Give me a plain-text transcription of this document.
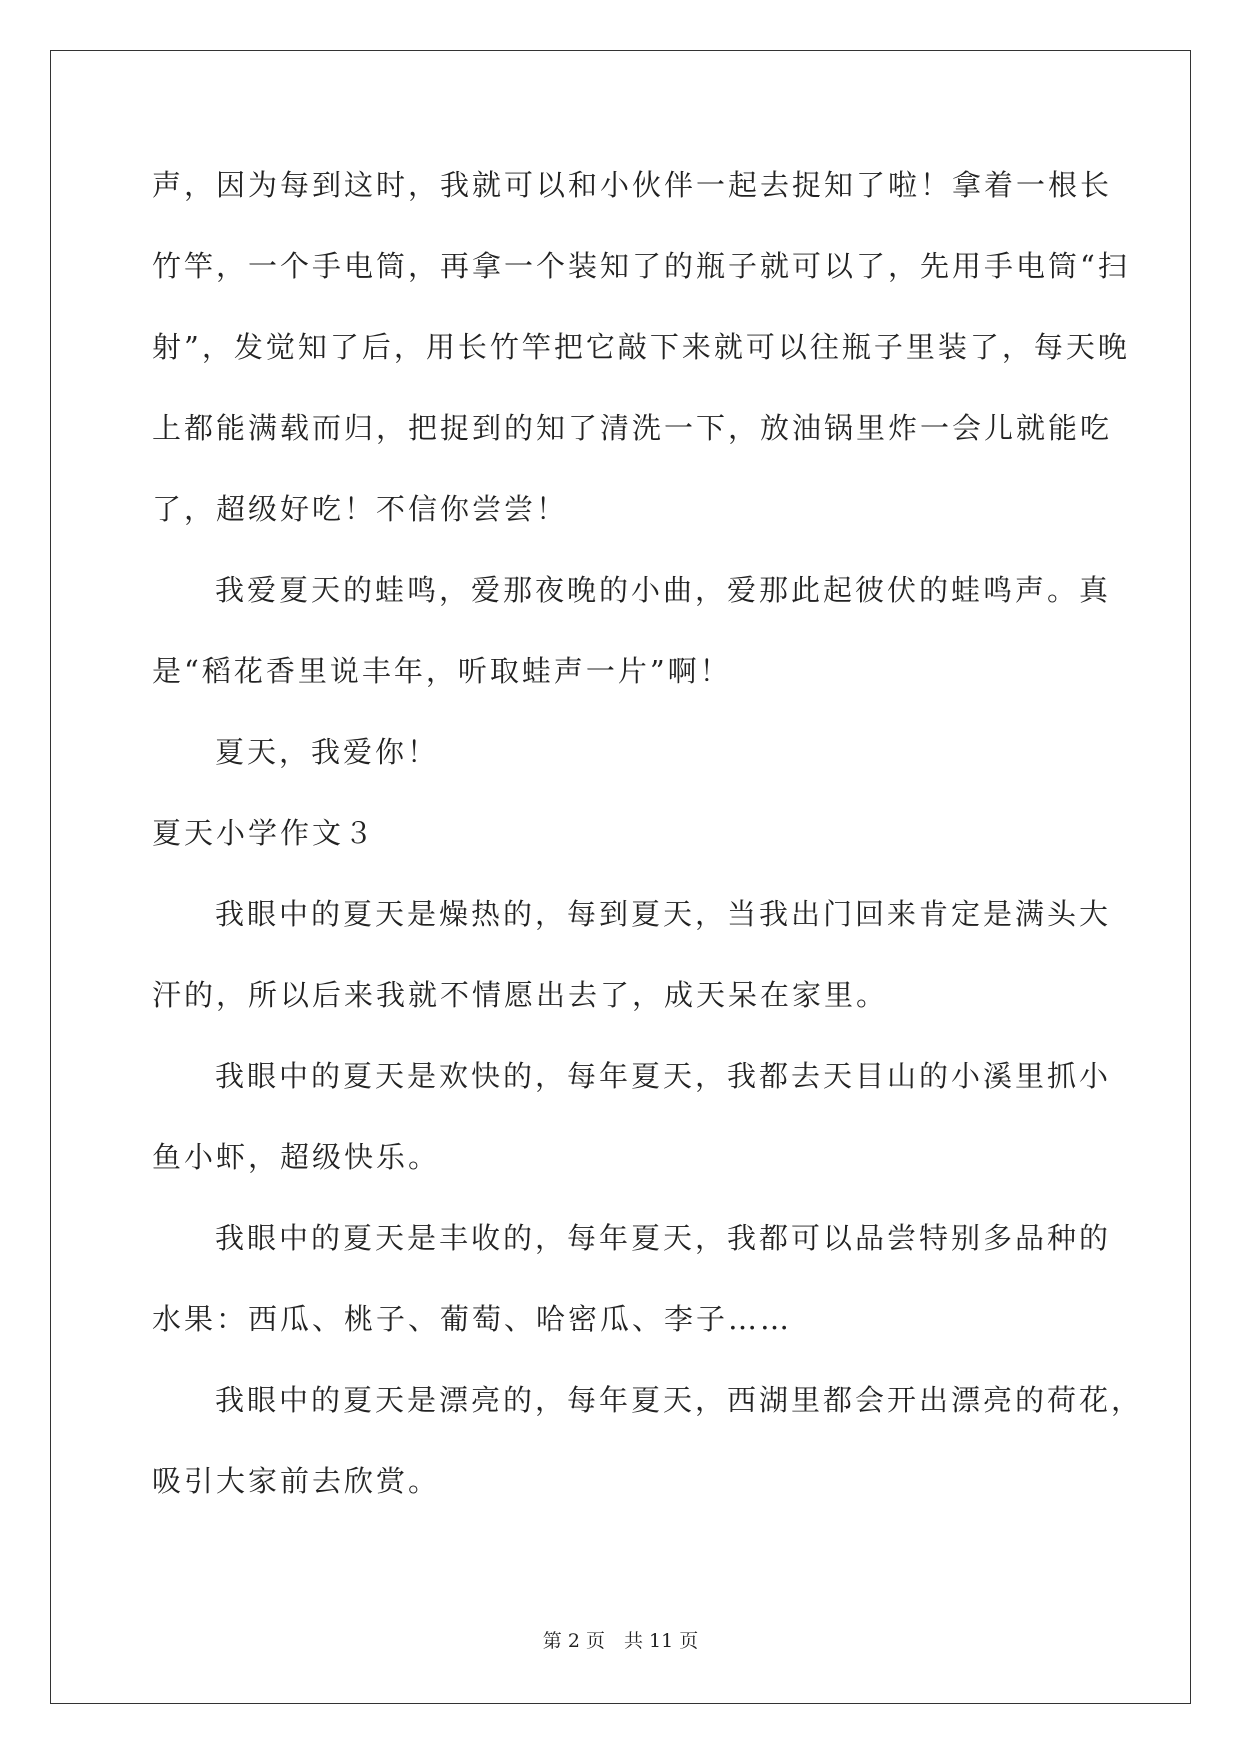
声，因为每到这时，我就可以和小伙伴一起去捉知了啦！拿着一根长
竹竿，一个手电筒，再拿一个装知了的瓶子就可以了，先用手电筒“扫
射”，发觉知了后，用长竹竿把它敲下来就可以往瓶子里装了，每天晚
上都能满载而归，把捉到的知了清洗一下，放油锅里炸一会儿就能吃
了，超级好吃！不信你尝尝！
我爱夏天的蛙鸣，爱那夜晚的小曲，爱那此起彼伏的蛙鸣声。真
是“稻花香里说丰年，听取蛙声一片”啊！
夏天，我爱你！
夏天小学作文３
我眼中的夏天是燥热的，每到夏天，当我出门回来肯定是满头大
汗的，所以后来我就不情愿出去了，成天呆在家里。
我眼中的夏天是欢快的，每年夏天，我都去天目山的小溪里抓小
鱼小虾，超级快乐。
我眼中的夏天是丰收的，每年夏天，我都可以品尝特别多品种的
水果：西瓜、桃子、葡萄、哈密瓜、李子……
我眼中的夏天是漂亮的，每年夏天，西湖里都会开出漂亮的荷花，
吸引大家前去欣赏。
第 2 页　共 11 页
